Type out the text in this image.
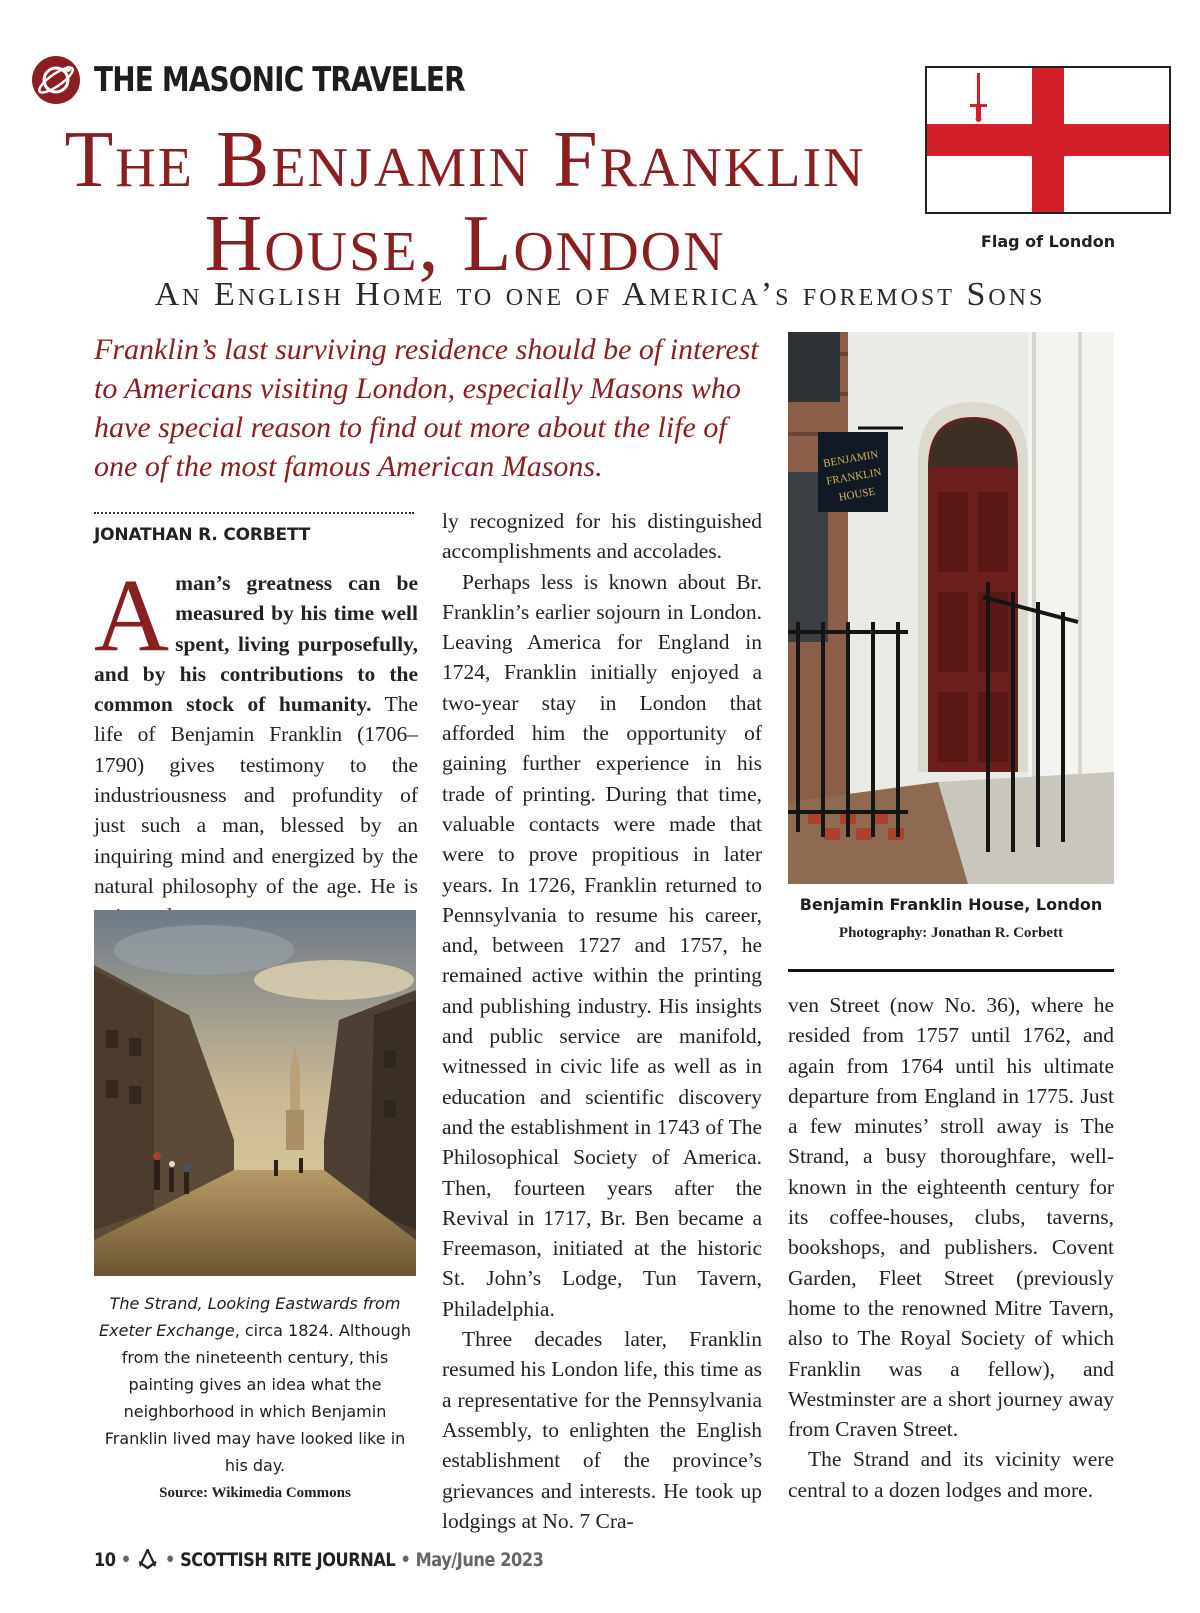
THE MASONIC TRAVELER
The Benjamin Franklin House, London	Flag of London
An English Home to one of America’s foremost Sons
Franklin’s last surviving residence should be of interest to Americans visiting London, especially Masons who have special reason to find out more about the life of one of the most famous American Masons.
JONATHAN R. CORBETT

A man’s greatness can be measured by his time well spent, living purposefully, and by his contributions to the common stock of humanity. The life of Benjamin Franklin (1706–1790) gives testimony to the industriousness and profundity of just such a man, blessed by an inquiring mind and energized by the natural philosophy of the age. He is

The Strand, Looking Eastwards from Exeter Exchange, circa 1824. Although from the nineteenth century, this painting gives an idea what the neighborhood in which Benjamin Franklin lived may have looked like in his day.
Source: Wikimedia Commons

ly recognized for his distinguished accomplishments and accolades.

Perhaps less is known about Br. Franklin’s earlier sojourn in London. Leaving America for England in 1724, Franklin initially enjoyed a two-year stay in London that afforded him the opportunity of gaining further experience in his trade of printing. During that time, valuable contacts were made that were to prove propitious in later years. In 1726, Franklin returned to Pennsylvania to resume his career, and, between 1727 and 1757, he remained active within the printing and publishing industry. His insights and public service are manifold, witnessed in civic life as well as in education and scientific discovery and the establishment in 1743 of The Philosophical Society of America. Then, fourteen years after the Revival in 1717, Br. Ben became a Freemason, initiated at the historic St. John’s Lodge, Tun Tavern, Philadelphia.

Three decades later, Franklin resumed his London life, this time as a representative for the Pennsylvania Assembly, to enlighten the English establishment of the province’s grievances and interests. He took up lodgings at No. 7 Cra-

BENJAMIN
FRANKLIN
HOUSE
Benjamin Franklin House, London
Photography: Jonathan R. Corbett

ven Street (now No. 36), where he resided from 1757 until 1762, and again from 1764 until his ultimate departure from England in 1775. Just a few minutes’ stroll away is The Strand, a busy thoroughfare, well-known in the eighteenth century for its coffee-houses, clubs, taverns, bookshops, and publishers. Covent Garden, Fleet Street (previously home to the renowned Mitre Tavern, also to The Royal Society of which Franklin was a fellow), and Westminster are a short journey away from Craven Street.

The Strand and its vicinity were central to a dozen lodges and more.

10 • • SCOTTISH RITE JOURNAL • May/June 2023
